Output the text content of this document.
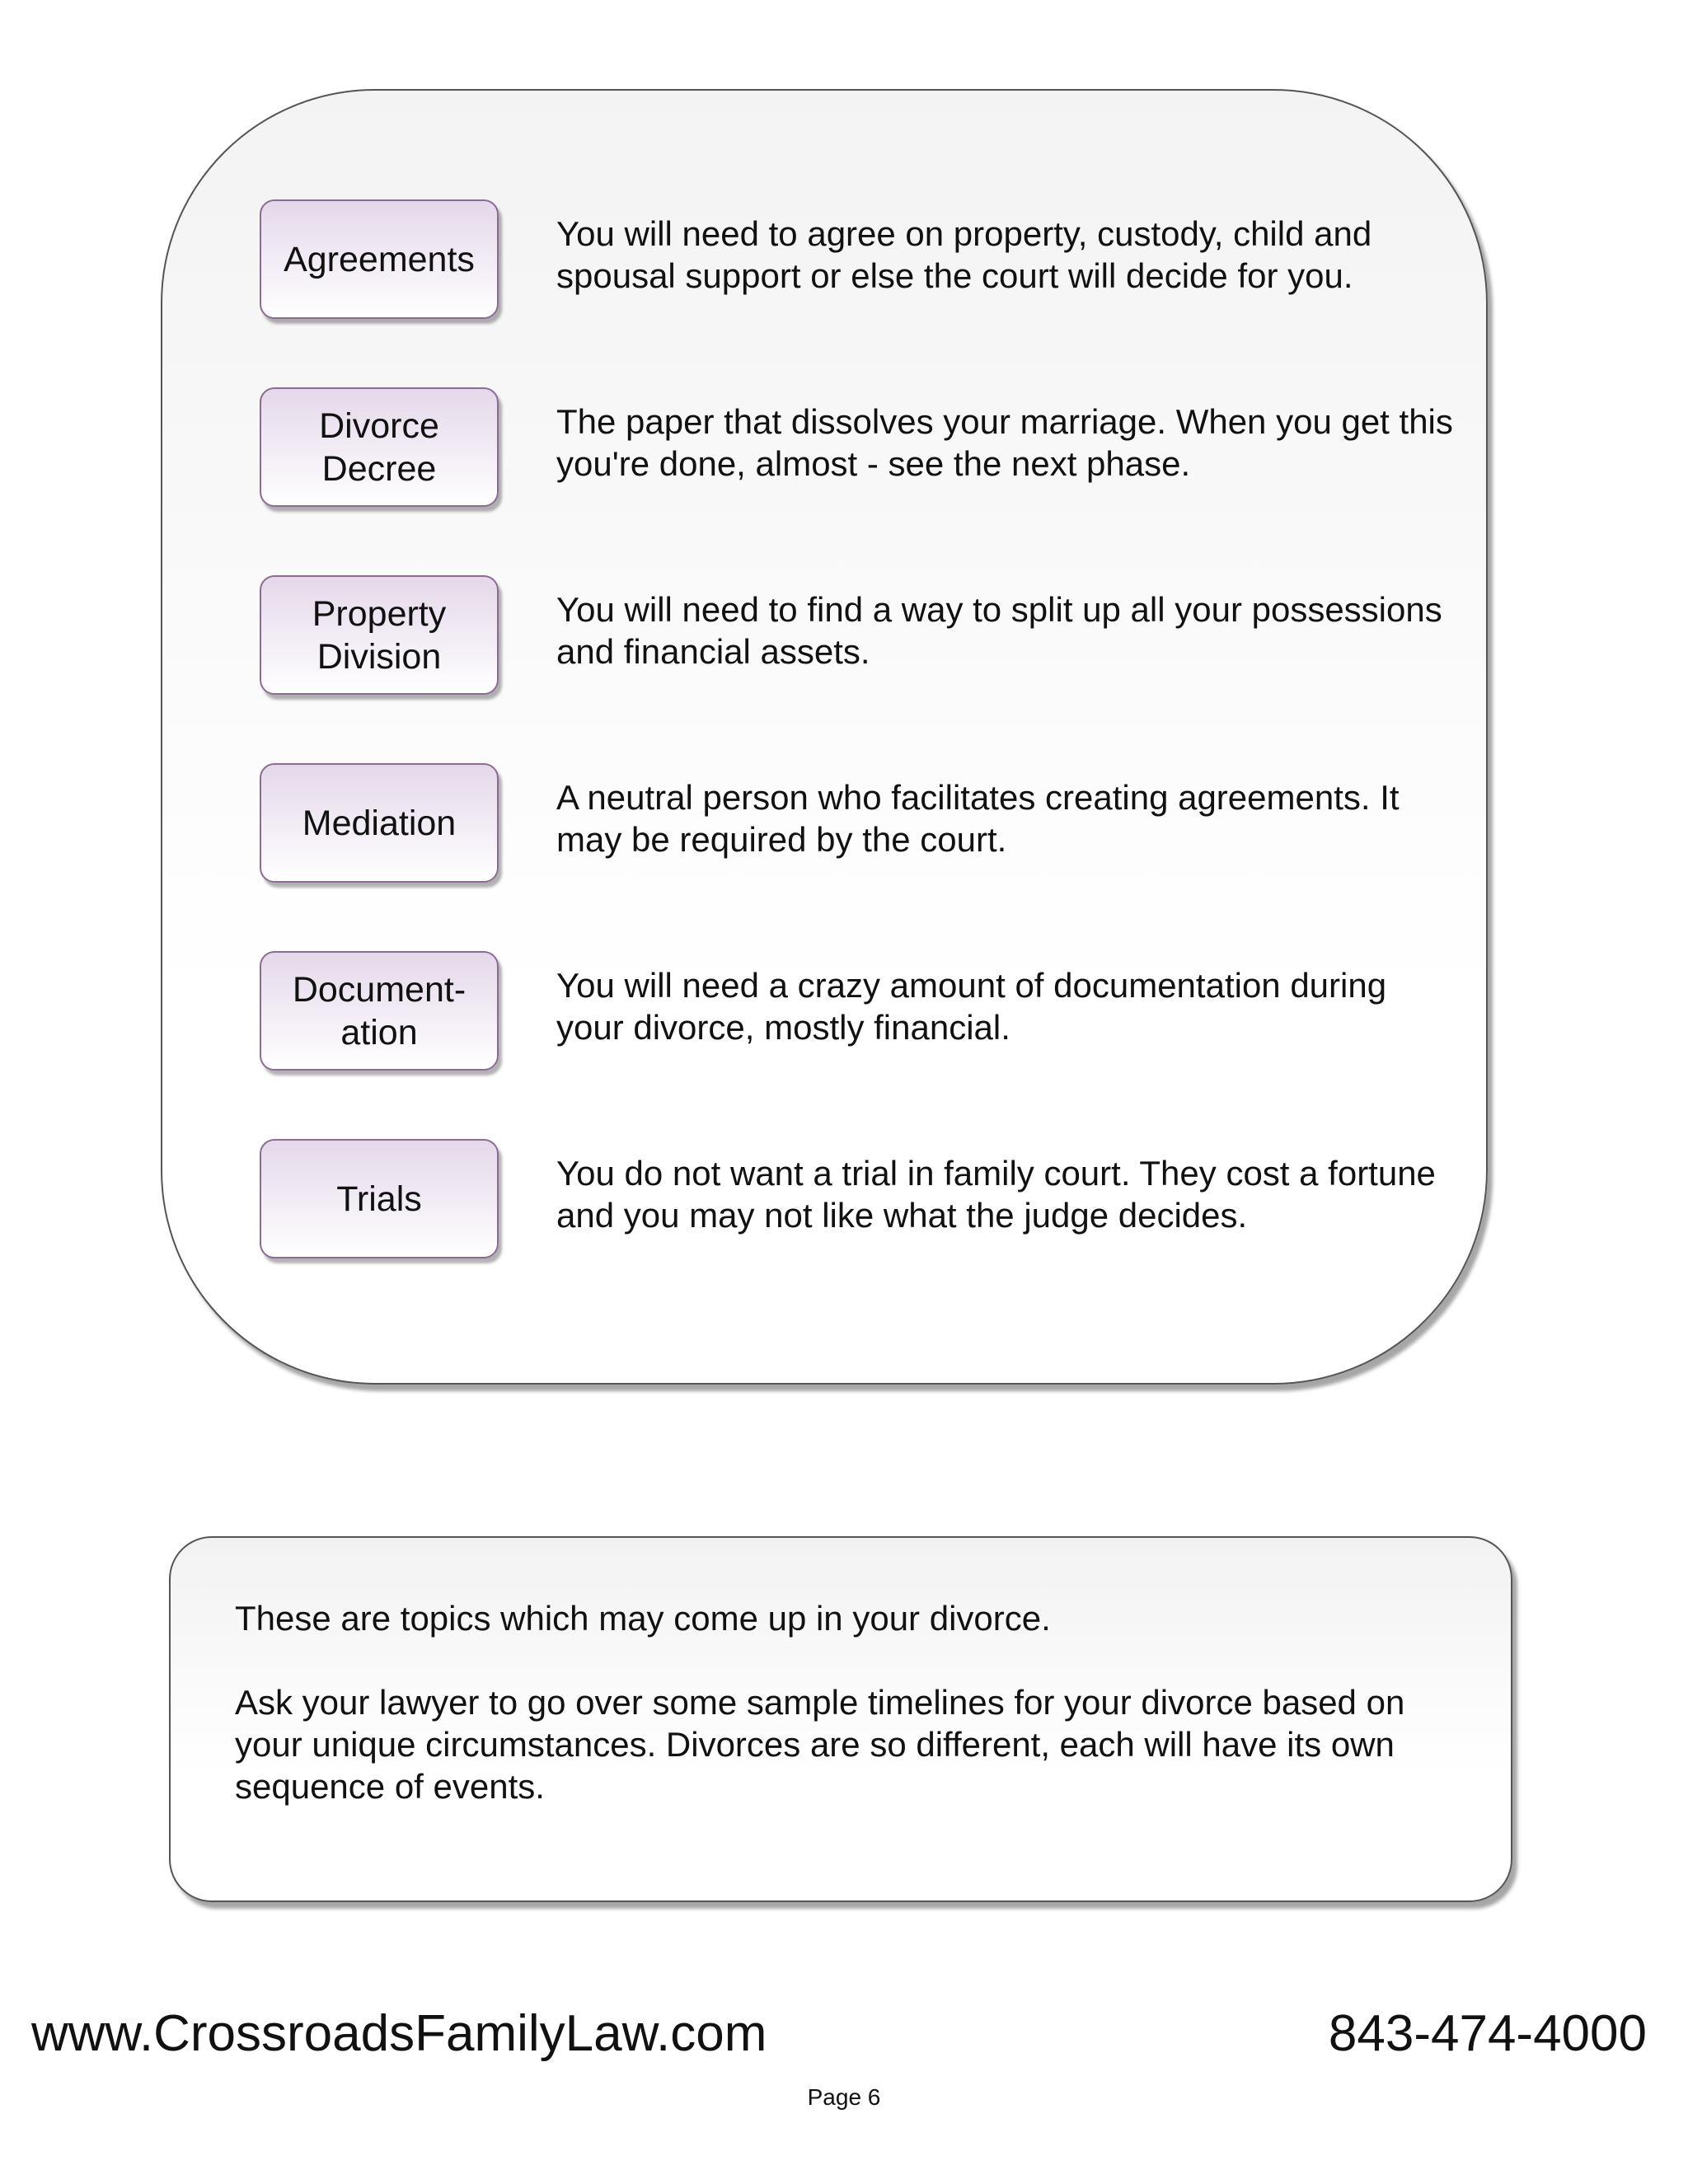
Agreements
You will need to agree on property, custody, child and spousal support or else the court will decide for you.
Divorce
Decree
The paper that dissolves your marriage. When you get this you're done, almost - see the next phase.
Property
Division
You will need to find a way to split up all your possessions and financial assets.
Mediation
A neutral person who facilitates creating agreements. It may be required by the court.
Document-
ation
You will need a crazy amount of documentation during your divorce, mostly financial.
Trials
You do not want a trial in family court. They cost a fortune and you may not like what the judge decides.

These are topics which may come up in your divorce.

Ask your lawyer to go over some sample timelines for your divorce based on your unique circumstances. Divorces are so different, each will have its own sequence of events.

www.CrossroadsFamilyLaw.com	843-474-4000
Page 6
